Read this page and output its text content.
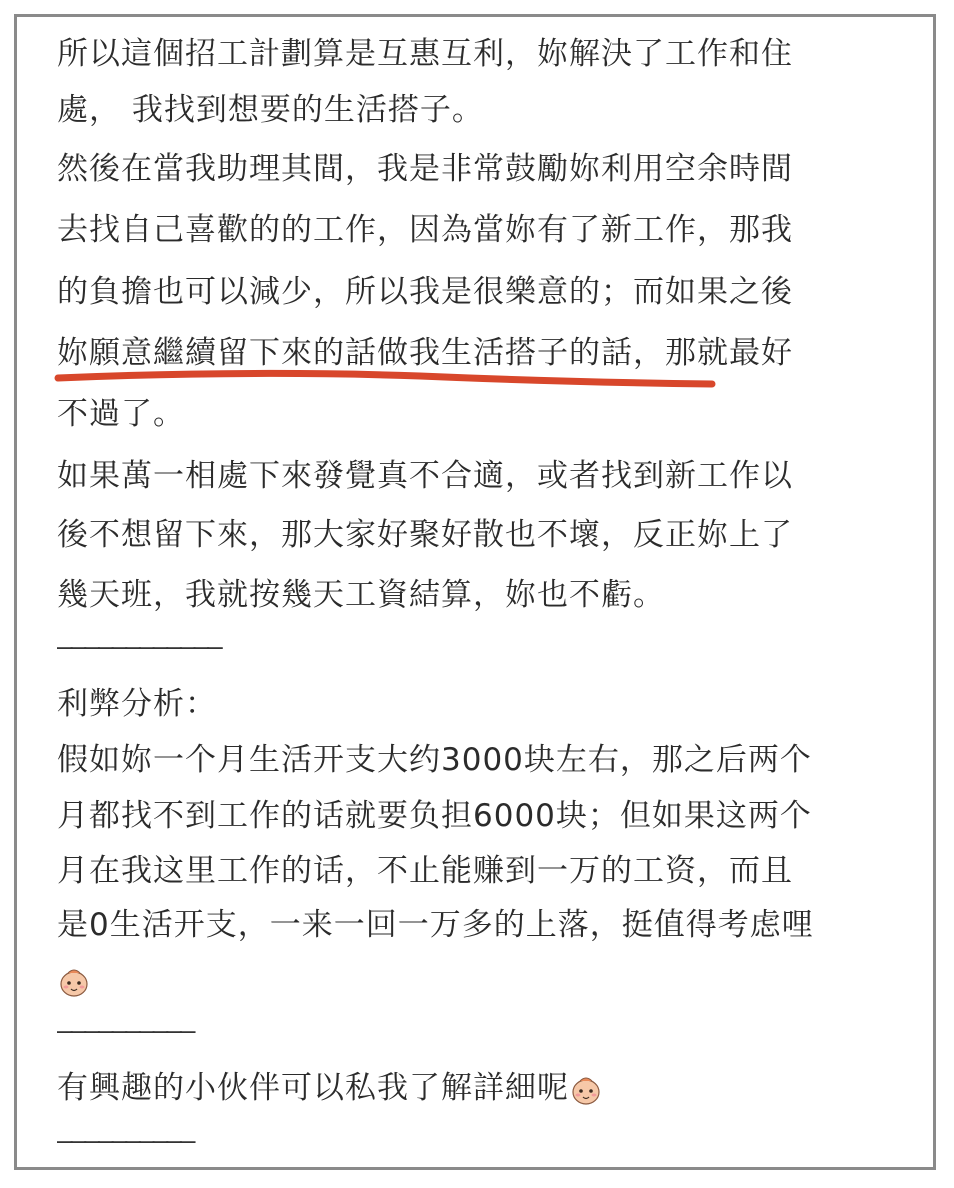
所以這個招工計劃算是互惠互利，妳解決了工作和住
處， 我找到想要的生活搭子。
然後在當我助理其間，我是非常鼓勵妳利用空余時間
去找自己喜歡的的工作，因為當妳有了新工作，那我
的負擔也可以減少，所以我是很樂意的；而如果之後
妳願意繼續留下來的話做我生活搭子的話，那就最好
不過了。
如果萬一相處下來發覺真不合適，或者找到新工作以
後不想留下來，那大家好聚好散也不壞，反正妳上了
幾天班，我就按幾天工資結算，妳也不虧。
————————————
利弊分析：
假如妳一个月生活开支大约3000块左右，那之后两个
月都找不到工作的话就要负担6000块；但如果这两个
月在我这里工作的话，不止能赚到一万的工资，而且
是0生活开支，一来一回一万多的上落，挺值得考虑哩
——————————
有興趣的小伙伴可以私我了解詳細呢
——————————
